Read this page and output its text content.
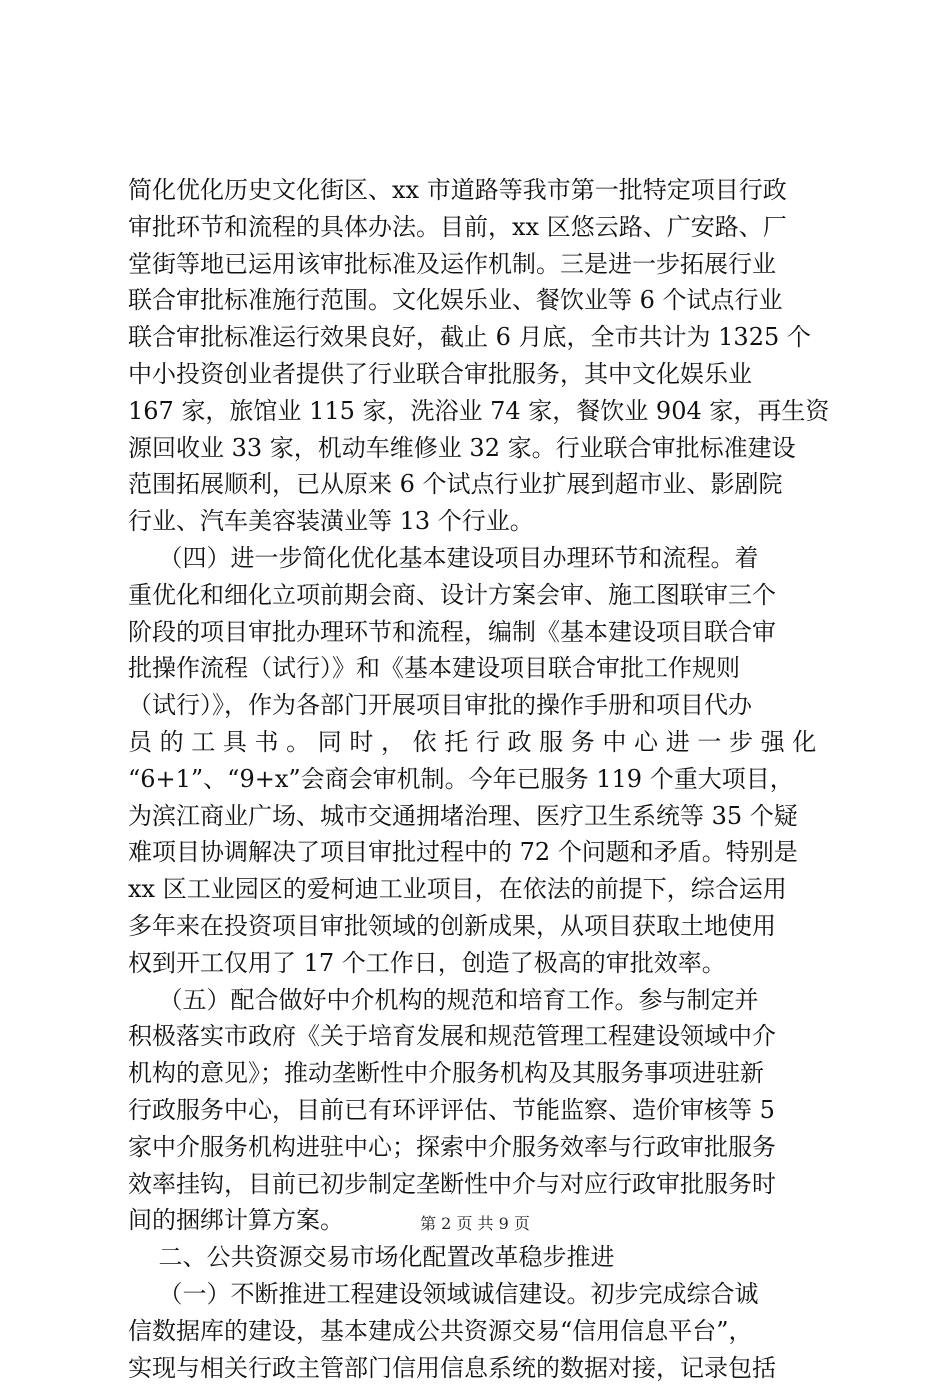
简化优化历史文化街区、xx 市道路等我市第一批特定项目行政
审批环节和流程的具体办法。目前，xx 区悠云路、广安路、厂
堂街等地已运用该审批标准及运作机制。三是进一步拓展行业
联合审批标准施行范围。文化娱乐业、餐饮业等 6 个试点行业
联合审批标准运行效果良好，截止 6 月底，全市共计为 1325 个
中小投资创业者提供了行业联合审批服务，其中文化娱乐业
167 家，旅馆业 115 家，洗浴业 74 家，餐饮业 904 家，再生资
源回收业 33 家，机动车维修业 32 家。行业联合审批标准建设
范围拓展顺利，已从原来 6 个试点行业扩展到超市业、影剧院
行业、汽车美容装潢业等 13 个行业。
（四）进一步简化优化基本建设项目办理环节和流程。着
重优化和细化立项前期会商、设计方案会审、施工图联审三个
阶段的项目审批办理环节和流程，编制《基本建设项目联合审
批操作流程（试行）》和《基本建设项目联合审批工作规则
（试行）》，作为各部门开展项目审批的操作手册和项目代办
员 的 工 具 书 。 同 时 ， 依 托 行 政 服 务 中 心 进 一 步 强 化
“6+1”、“9+x”会商会审机制。今年已服务 119 个重大项目，
为滨江商业广场、城市交通拥堵治理、医疗卫生系统等 35 个疑
难项目协调解决了项目审批过程中的 72 个问题和矛盾。特别是
xx 区工业园区的爱柯迪工业项目，在依法的前提下，综合运用
多年来在投资项目审批领域的创新成果，从项目获取土地使用
权到开工仅用了 17 个工作日，创造了极高的审批效率。
（五）配合做好中介机构的规范和培育工作。参与制定并
积极落实市政府《关于培育发展和规范管理工程建设领域中介
机构的意见》；推动垄断性中介服务机构及其服务事项进驻新
行政服务中心，目前已有环评评估、节能监察、造价审核等 5
家中介服务机构进驻中心；探索中介服务效率与行政审批服务
效率挂钩，目前已初步制定垄断性中介与对应行政审批服务时
间的捆绑计算方案。
二、公共资源交易市场化配置改革稳步推进
（一）不断推进工程建设领域诚信建设。初步完成综合诚
信数据库的建设，基本建成公共资源交易“信用信息平台”，
实现与相关行政主管部门信用信息系统的数据对接，记录包括
第 2 页 共 9 页
